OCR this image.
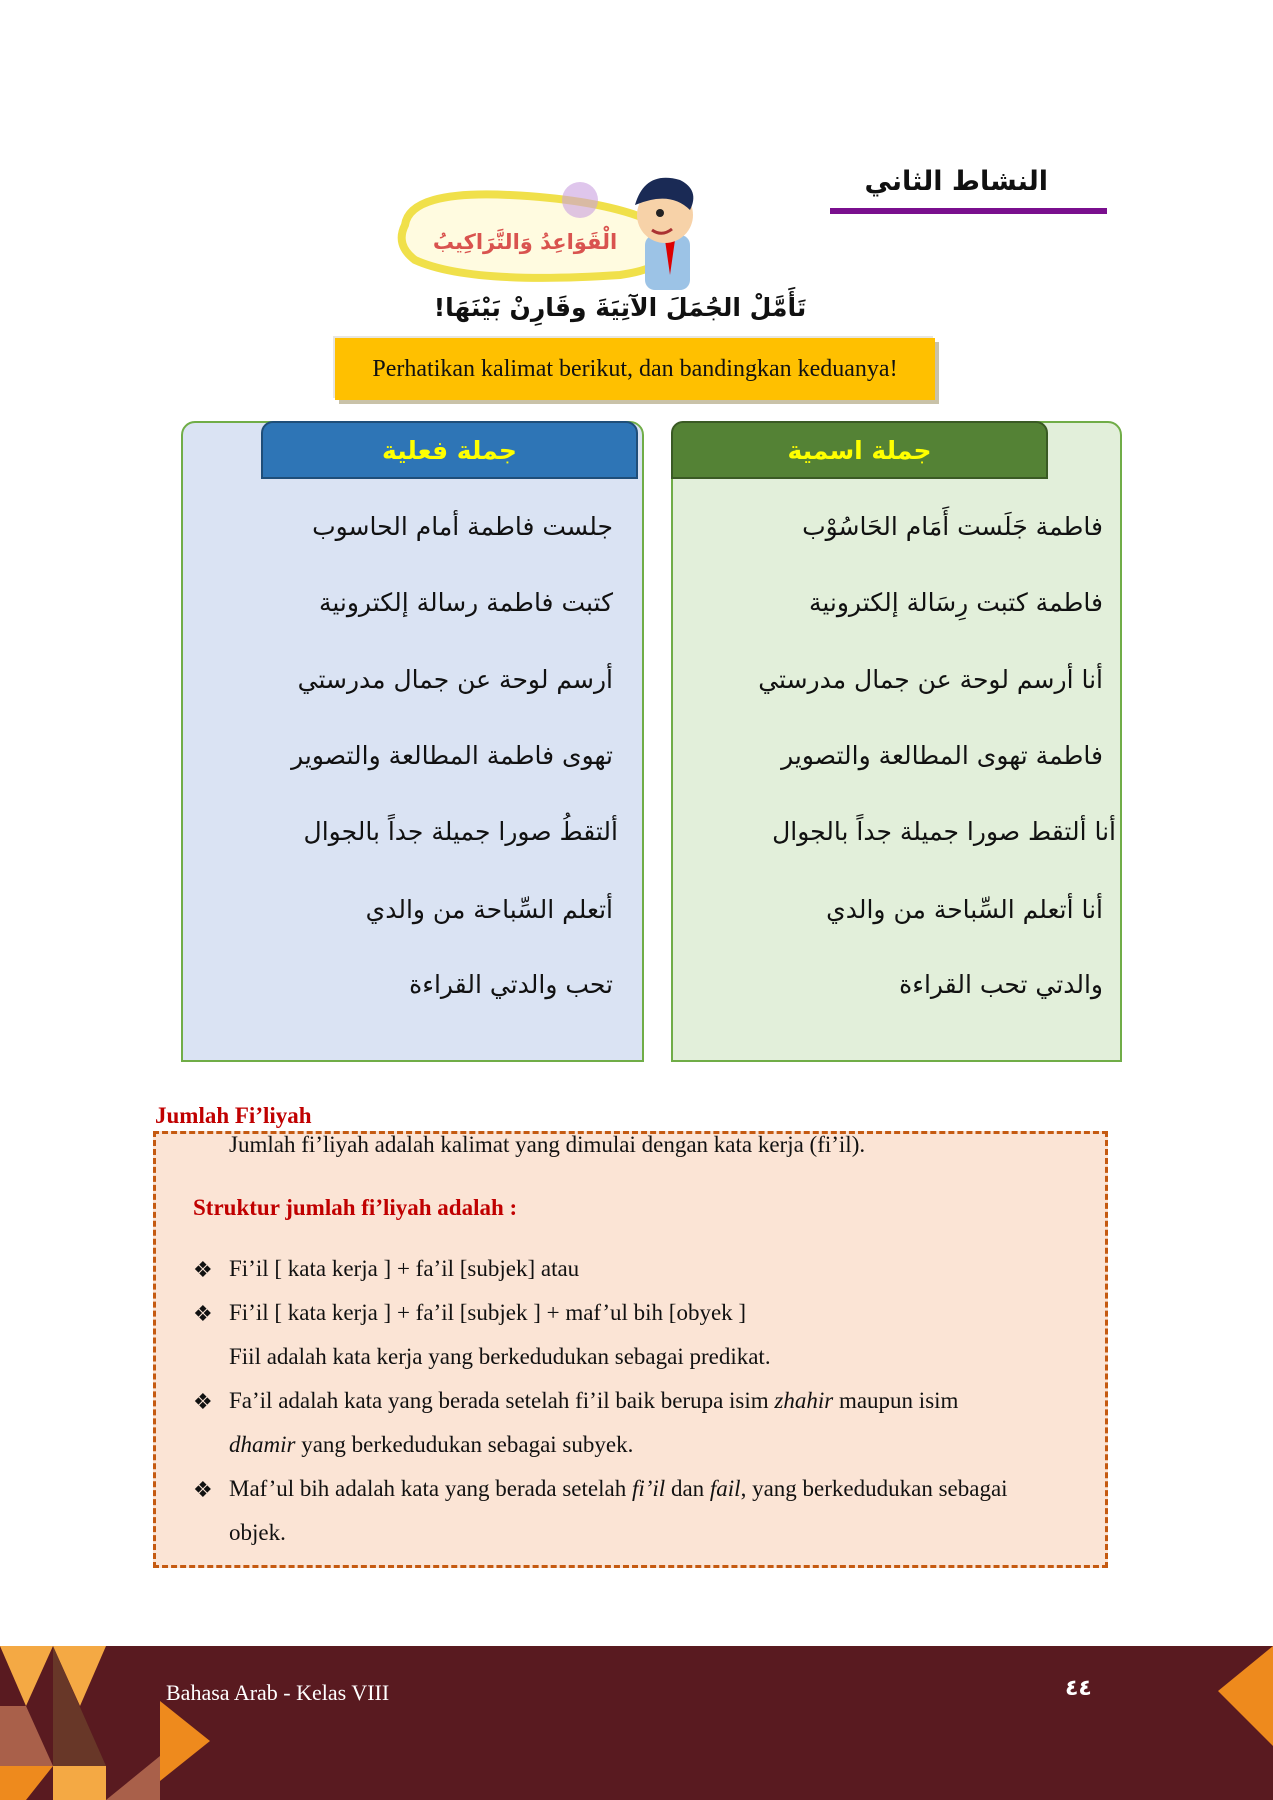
النشاط الثاني
الْقَوَاعِدُ وَالتَّرَاكِيبُ
تَأَمَّلْ الجُمَلَ الآتِيَةَ وقَارِنْ بَيْنَهَا!
Perhatikan kalimat berikut, dan bandingkan keduanya!
جملة فعلية	جملة اسمية
جلست فاطمة أمام الحاسوب
كتبت فاطمة رسالة إلكترونية
أرسم لوحة عن جمال مدرستي
تهوى فاطمة المطالعة والتصوير
ألتقطُ صورا جميلة جداً بالجوال
أتعلم السِّباحة من والدي
تحب والدتي القراءة
فاطمة جَلَست أَمَام الحَاسُوْب
فاطمة كتبت رِسَالة إلكترونية
أنا أرسم لوحة عن جمال مدرستي
فاطمة تهوى المطالعة والتصوير
أنا ألتقط صورا جميلة جداً بالجوال
أنا أتعلم السِّباحة من والدي
والدتي تحب القراءة
Jumlah Fi’liyah
Jumlah fi’liyah adalah kalimat yang dimulai dengan kata kerja (fi’il).
Struktur jumlah fi’liyah adalah :
❖ Fi’il [ kata kerja ] + fa’il [subjek] atau
❖ Fi’il [ kata kerja ] + fa’il [subjek ] + maf’ul bih [obyek ]
Fiil adalah kata kerja yang berkedudukan sebagai predikat.
❖ Fa’il adalah kata yang berada setelah fi’il baik berupa isim zhahir maupun isim
dhamir yang berkedudukan sebagai subyek.
❖ Maf’ul bih adalah kata yang berada setelah fi’il dan fail, yang berkedudukan sebagai
objek.
Bahasa Arab - Kelas VIII	٤٤
